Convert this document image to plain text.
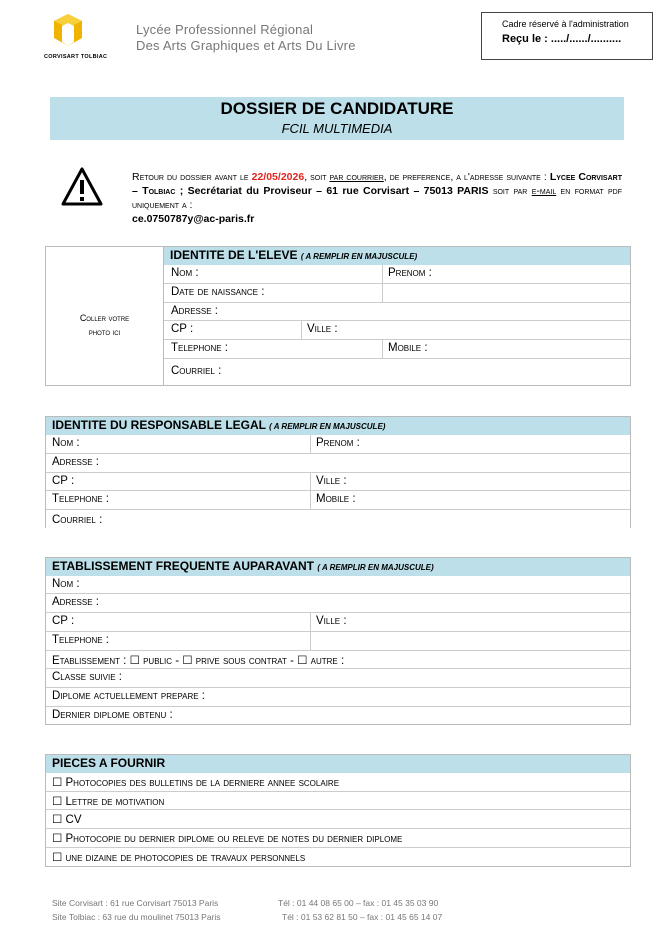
CORVISART TOLBIAC
Lycée Professionnel Régional
Des Arts Graphiques et Arts Du Livre
Cadre réservé à l'administration
Reçu le : ...../....../..........
DOSSIER DE CANDIDATURE
FCIL MULTIMEDIA
Retour du dossier avant le 22/05/2026, soit par courrier, de preference, a l'adresse suivante : Lycee Corvisart – Tolbiac ; Secrétariat du Proviseur – 61 rue Corvisart – 75013 PARIS soit par e-mail en format pdf uniquement a :
ce.0750787y@ac-paris.fr
IDENTITE DE L'ELEVE ( A REMPLIR EN MAJUSCULE)
Coller votre
photo ici
Nom :	Prenom :
Date de naissance :
Adresse :
CP :	Ville :
Telephone :	Mobile :
Courriel :
IDENTITE DU RESPONSABLE LEGAL ( A REMPLIR EN MAJUSCULE)
Nom :	Prenom :
Adresse :
CP :	Ville :
Telephone :	Mobile :
Courriel :
ETABLISSEMENT FREQUENTE AUPARAVANT ( A REMPLIR EN MAJUSCULE)
Nom :
Adresse :
CP :	Ville :
Telephone :
Etablissement : ☐ public - ☐ prive sous contrat - ☐ autre :
Classe suivie :
Diplome actuellement prepare :
Dernier diplome obtenu :
PIECES A FOURNIR
☐ Photocopies des bulletins de la derniere annee scolaire
☐ Lettre de motivation
☐ CV
☐ Photocopie du dernier diplome ou releve de notes du dernier diplome
☐ une dizaine de photocopies de travaux personnels
Site Corvisart : 61 rue Corvisart 75013 Paris	Tél : 01 44 08 65 00 – fax : 01 45 35 03 90
Site Tolbiac : 63 rue du moulinet 75013 Paris	Tél : 01 53 62 81 50 – fax : 01 45 65 14 07
